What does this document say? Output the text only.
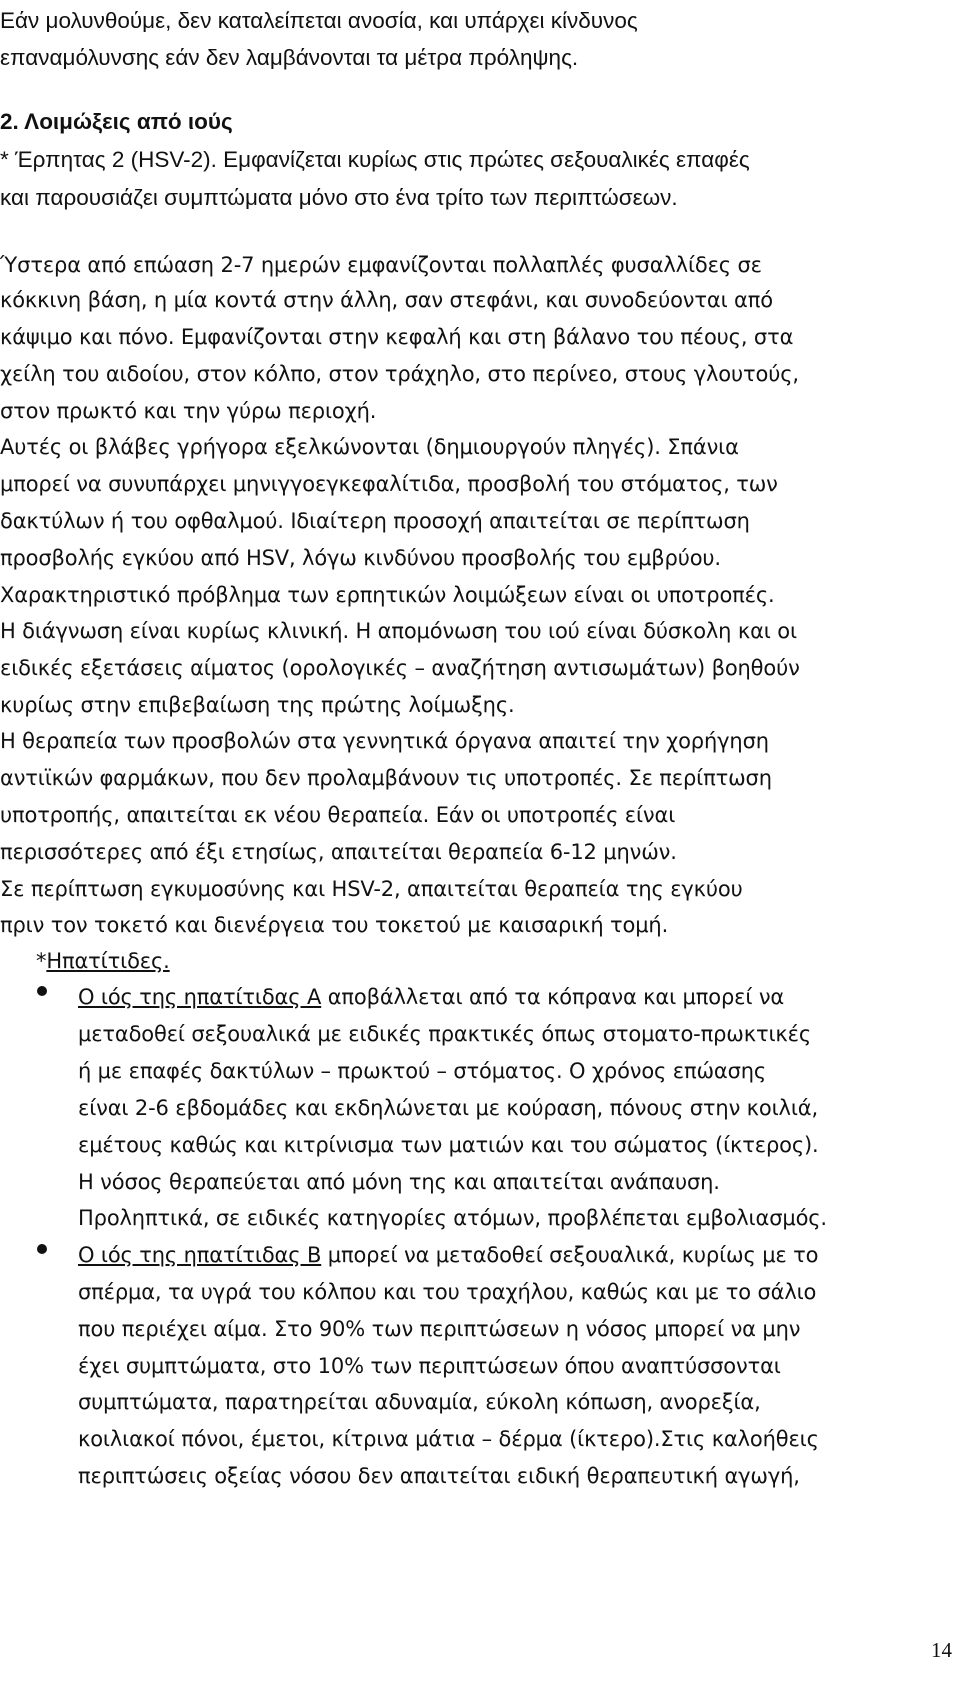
Εάν μολυνθούμε, δεν καταλείπεται ανοσία, και υπάρχει κίνδυνος
επαναμόλυνσης εάν δεν λαμβάνονται τα μέτρα πρόληψης.
2. Λοιμώξεις από ιούς
* Έρπητας 2 (HSV-2). Εμφανίζεται κυρίως στις πρώτες σεξουαλικές επαφές
και παρουσιάζει συμπτώματα μόνο στο ένα τρίτο των περιπτώσεων.
Ύστερα από επώαση 2-7 ημερών εμφανίζονται πολλαπλές φυσαλλίδες σε
κόκκινη βάση, η μία κοντά στην άλλη, σαν στεφάνι, και συνοδεύονται από
κάψιμο και πόνο. Εμφανίζονται στην κεφαλή και στη βάλανο του πέους, στα
χείλη του αιδοίου, στον κόλπο, στον τράχηλο, στο περίνεο, στους γλουτούς,
στον πρωκτό και την γύρω περιοχή.
Αυτές οι βλάβες γρήγορα εξελκώνονται (δημιουργούν πληγές). Σπάνια
μπορεί να συνυπάρχει μηνιγγοεγκεφαλίτιδα, προσβολή του στόματος, των
δακτύλων ή του οφθαλμού. Ιδιαίτερη προσοχή απαιτείται σε περίπτωση
προσβολής εγκύου από HSV, λόγω κινδύνου προσβολής του εμβρύου.
Χαρακτηριστικό πρόβλημα των ερπητικών λοιμώξεων είναι οι υποτροπές.
Η διάγνωση είναι κυρίως κλινική. Η απομόνωση του ιού είναι δύσκολη και οι
ειδικές εξετάσεις αίματος (ορολογικές – αναζήτηση αντισωμάτων) βοηθούν
κυρίως στην επιβεβαίωση της πρώτης λοίμωξης.
Η θεραπεία των προσβολών στα γεννητικά όργανα απαιτεί την χορήγηση
αντιϊκών φαρμάκων, που δεν προλαμβάνουν τις υποτροπές. Σε περίπτωση
υποτροπής, απαιτείται εκ νέου θεραπεία. Εάν οι υποτροπές είναι
περισσότερες από έξι ετησίως, απαιτείται θεραπεία 6-12 μηνών.
Σε περίπτωση εγκυμοσύνης και HSV-2, απαιτείται θεραπεία της εγκύου
πριν τον τοκετό και διενέργεια του τοκετού με καισαρική τομή.
*Ηπατίτιδες.
Ο ιός της ηπατίτιδας Α αποβάλλεται από τα κόπρανα και μπορεί να
μεταδοθεί σεξουαλικά με ειδικές πρακτικές όπως στοματο-πρωκτικές
ή με επαφές δακτύλων – πρωκτού – στόματος. Ο χρόνος επώασης
είναι 2-6 εβδομάδες και εκδηλώνεται με κούραση, πόνους στην κοιλιά,
εμέτους καθώς και κιτρίνισμα των ματιών και του σώματος (ίκτερος).
Η νόσος θεραπεύεται από μόνη της και απαιτείται ανάπαυση.
Προληπτικά, σε ειδικές κατηγορίες ατόμων, προβλέπεται εμβολιασμός.
Ο ιός της ηπατίτιδας Β μπορεί να μεταδοθεί σεξουαλικά, κυρίως με το
σπέρμα, τα υγρά του κόλπου και του τραχήλου, καθώς και με το σάλιο
που περιέχει αίμα. Στο 90% των περιπτώσεων η νόσος μπορεί να μην
έχει συμπτώματα, στο 10% των περιπτώσεων όπου αναπτύσσονται
συμπτώματα, παρατηρείται αδυναμία, εύκολη κόπωση, ανορεξία,
κοιλιακοί πόνοι, έμετοι, κίτρινα μάτια – δέρμα (ίκτερο).Στις καλοήθεις
περιπτώσεις οξείας νόσου δεν απαιτείται ειδική θεραπευτική αγωγή,
14
